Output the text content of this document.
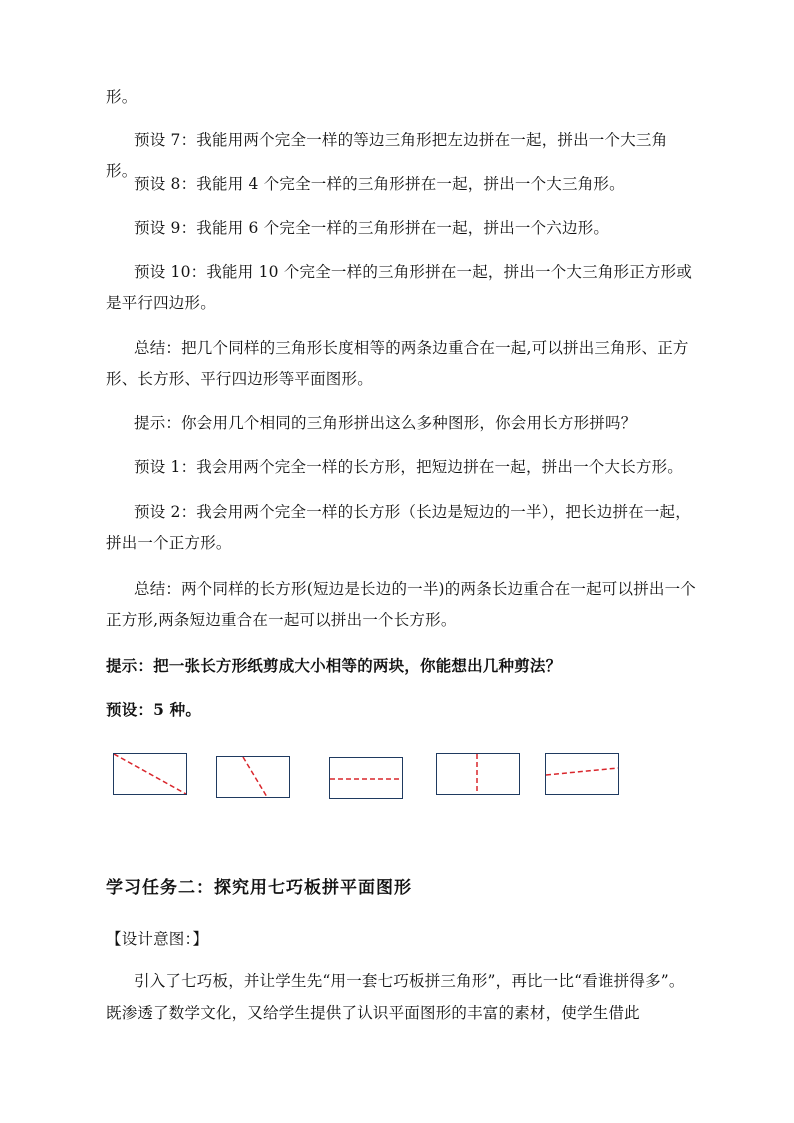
形。

预设 7：我能用两个完全一样的等边三角形把左边拼在一起，拼出一个大三角形。

预设 8：我能用 4 个完全一样的三角形拼在一起，拼出一个大三角形。

预设 9：我能用 6 个完全一样的三角形拼在一起，拼出一个六边形。

预设 10：我能用 10 个完全一样的三角形拼在一起，拼出一个大三角形正方形或是平行四边形。

总结：把几个同样的三角形长度相等的两条边重合在一起,可以拼出三角形、正方形、长方形、平行四边形等平面图形。

提示：你会用几个相同的三角形拼出这么多种图形，你会用长方形拼吗？

预设 1：我会用两个完全一样的长方形，把短边拼在一起，拼出一个大长方形。

预设 2：我会用两个完全一样的长方形（长边是短边的一半），把长边拼在一起，拼出一个正方形。

总结：两个同样的长方形(短边是长边的一半)的两条长边重合在一起可以拼出一个正方形,两条短边重合在一起可以拼出一个长方形。

提示：把一张长方形纸剪成大小相等的两块，你能想出几种剪法？

预设：5 种。

学习任务二：探究用七巧板拼平面图形

【设计意图：】

引入了七巧板，并让学生先“用一套七巧板拼三角形”，再比一比“看谁拼得多”。既渗透了数学文化，又给学生提供了认识平面图形的丰富的素材，使学生借此
